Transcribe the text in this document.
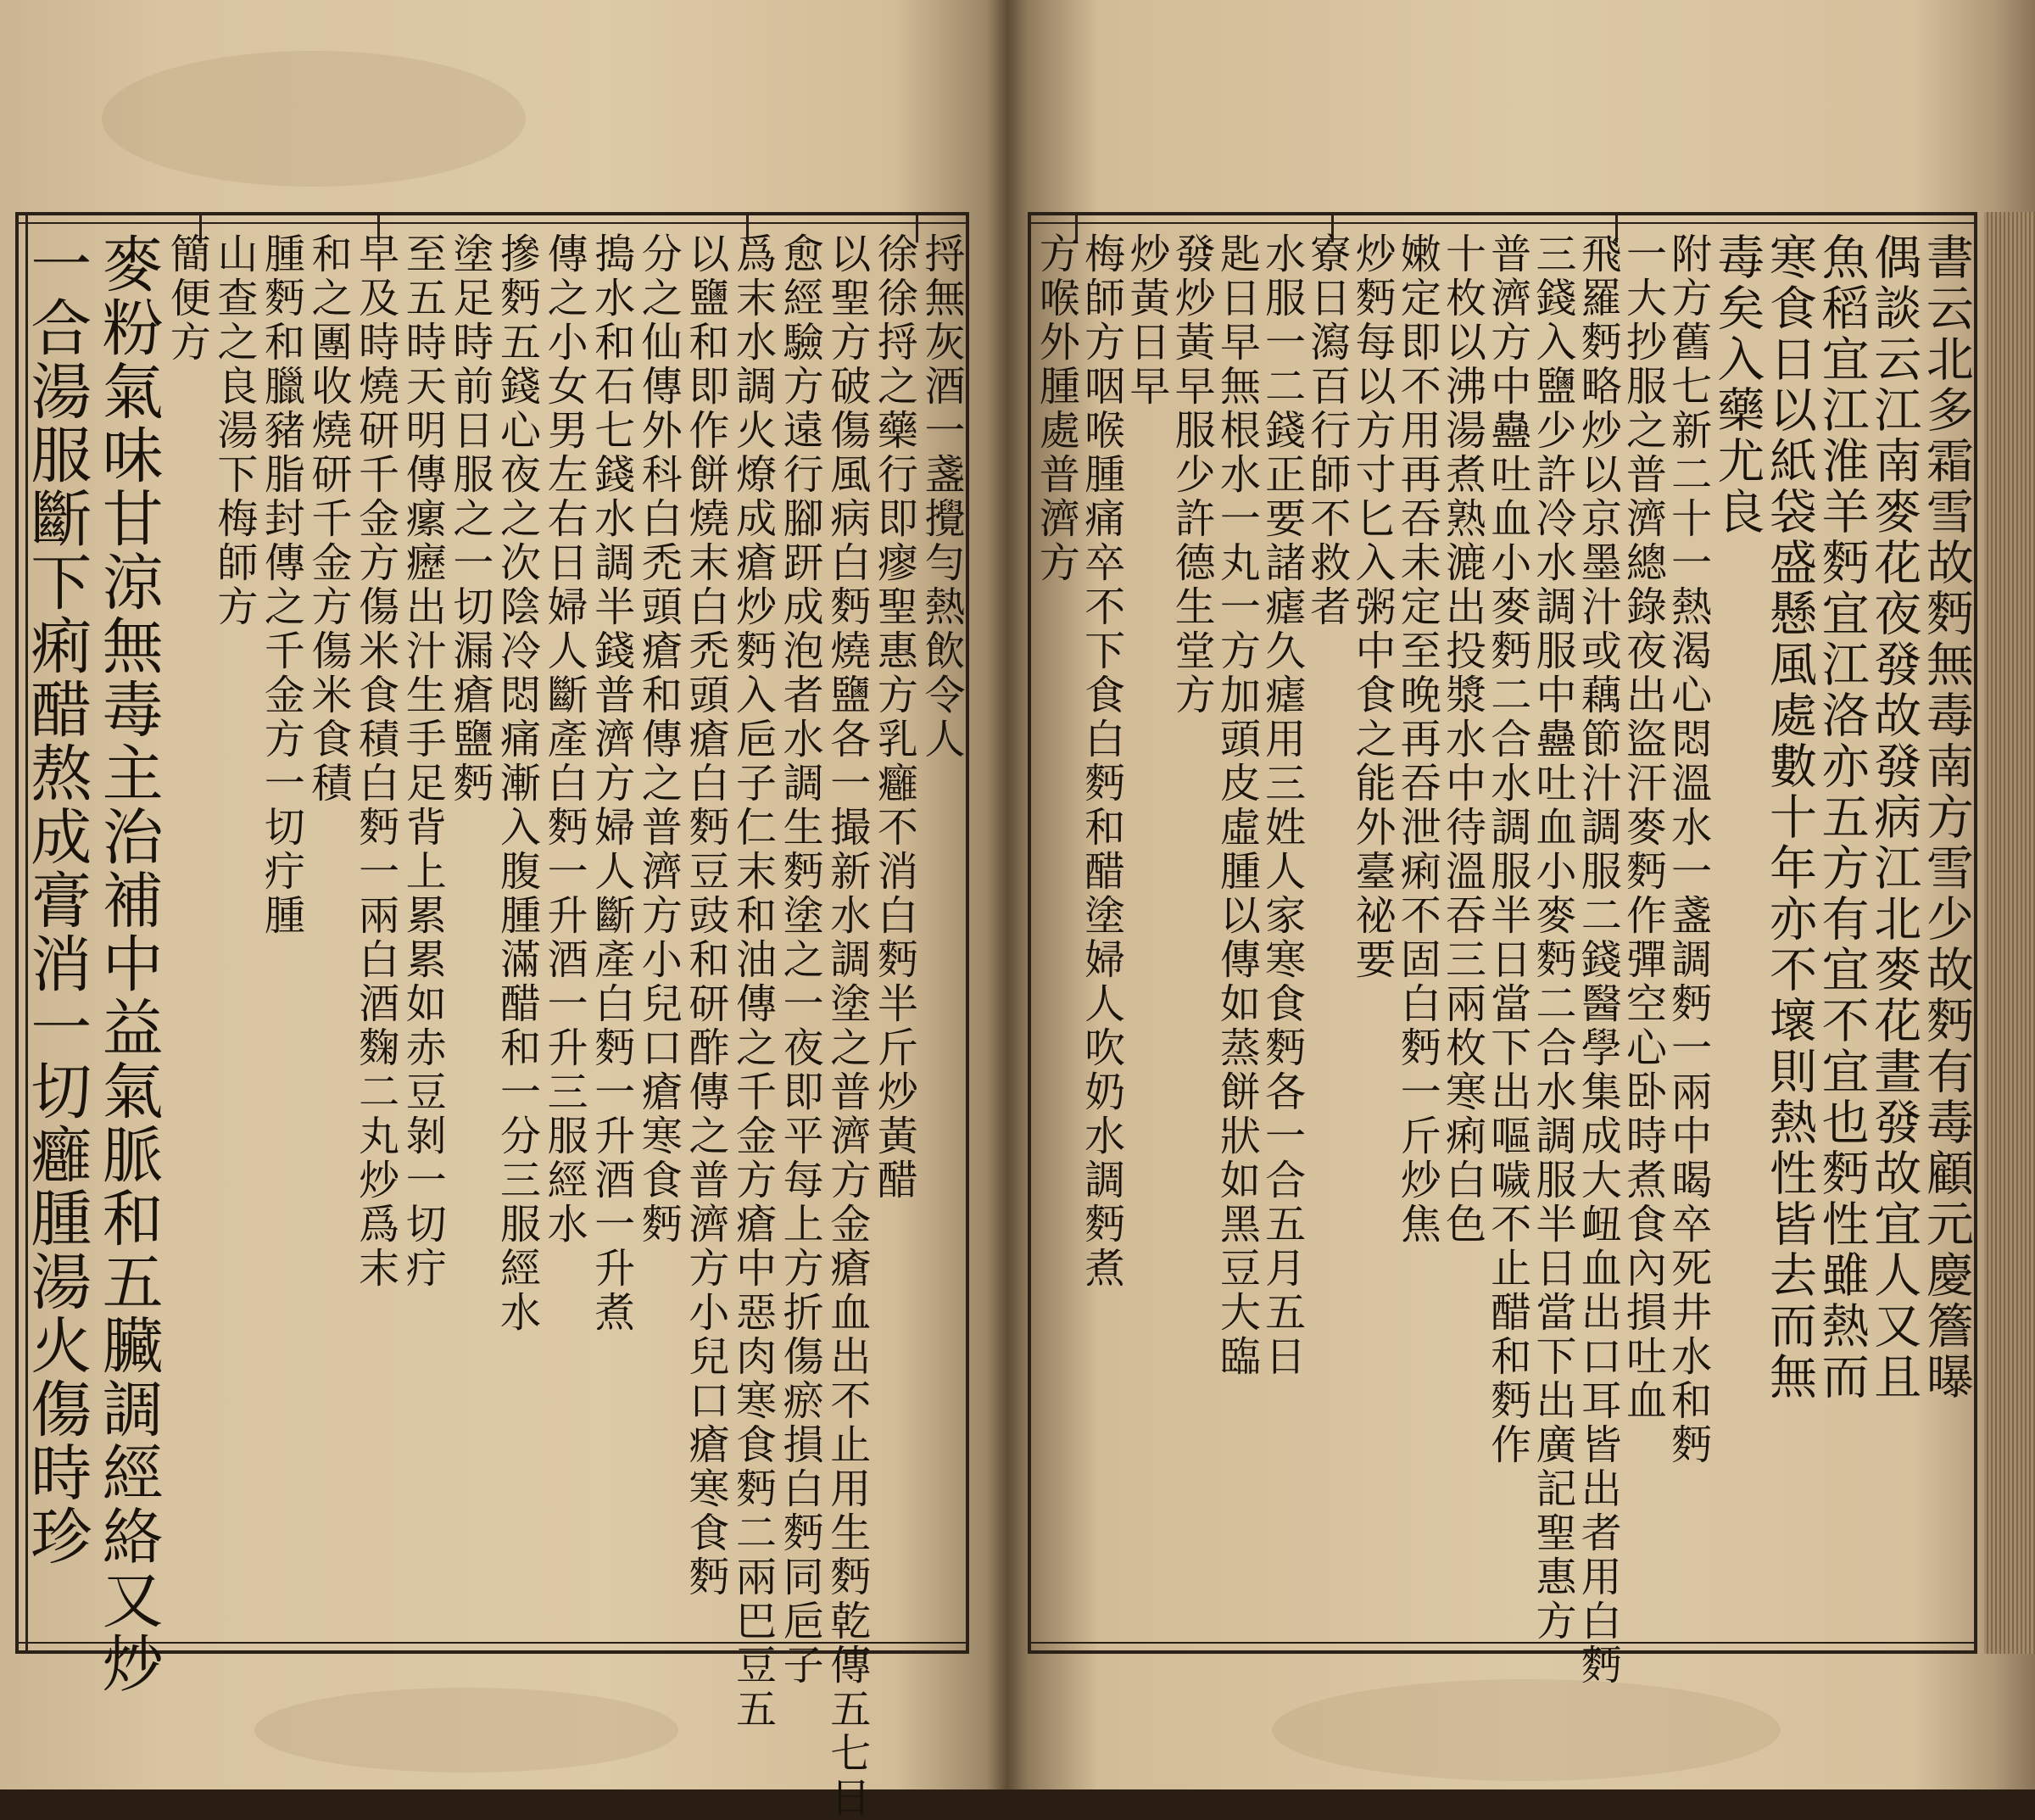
捋無灰酒一盞攪勻熱飲令人
徐徐捋之藥行即瘳聖惠方乳癰不消白麪半斤炒黃醋
以聖方破傷風病白麪燒鹽各一撮新水調塗之普濟方金瘡血出不止用生麪乾傳五七日
愈經驗方遠行腳趼成泡者水調生麪塗之一夜即平每上方折傷瘀損白麪同巵子
爲末水調火燎成瘡炒麪入巵子仁末和油傳之千金方瘡中惡肉寒食麪二兩巴豆五
以鹽和即作餅燒末白禿頭瘡白麪豆豉和研酢傳之普濟方小兒口瘡寒食麪
分之仙傳外科白禿頭瘡和傳之普濟方小兒口瘡寒食麪
搗水和石七錢水調半錢普濟方婦人斷產白麪一升酒一升煮
傳之小女男左右日婦人斷產白麪一升酒一升三服經水
摻麪五錢心夜之次陰冷悶痛漸入腹腫滿醋和一分三服經水
塗足時前日服之一切漏瘡鹽麪
至五時天明傳瘰癧出汁生手足背上累累如赤豆剝一切疔
早及時燒研千金方傷米食積白麪一兩白酒麴二丸炒爲末
和之團收燒研千金方傷米食積
腫麪和臘豬脂封傳之千金方一切疔腫
山查之良湯下梅師方
簡便方
麥粉氣味甘涼無毒主治補中益氣脈和五臟調經絡又炒
一合湯服斷下痢醋熬成膏消一切癰腫湯火傷時珍	書云北多霜雪故麪無毒南方雪少故麪有毒顧元慶簷曝
偶談云江南麥花夜發故發病江北麥花晝發故宜人又且
魚稻宜江淮羊麪宜江洛亦五方有宜不宜也麪性雖熱而
寒食日以紙袋盛懸風處數十年亦不壞則熱性皆去而無
毒矣入藥尤良
附方舊七新二十一熱渴心悶溫水一盞調麪一兩中暍卒死井水和麪
一大抄服之普濟總錄夜出盜汗麥麪作彈空心卧時煮食內損吐血
飛羅麪略炒以京墨汁或藕節汁調服二錢醫學集成大衄血出口耳皆出者用白麪
三錢入鹽少許冷水調服中蠱吐血小麥麪二合水調服半日當下出廣記聖惠方
普濟方中蠱吐血小麥麪二合水調服半日當下出嘔噦不止醋和麪作
十枚以沸湯煮熟漉出投漿水中待溫吞三兩枚寒痢白色
嫩定即不用再吞未定至晚再吞泄痢不固白麪一斤炒焦
炒麪每以方寸匕入粥中食之能外臺祕要
寮日瀉百行師不救者
水服一二錢正要諸瘧久瘧用三姓人家寒食麪各一合五月五日
匙日早無根水一丸一方加頭皮虛腫以傳如蒸餅狀如黑豆大臨
發炒黃早服少許德生堂方
炒黃日早
梅師方咽喉腫痛卒不下食白麪和醋塗婦人吹奶水調麪煮
方喉外腫處普濟方
